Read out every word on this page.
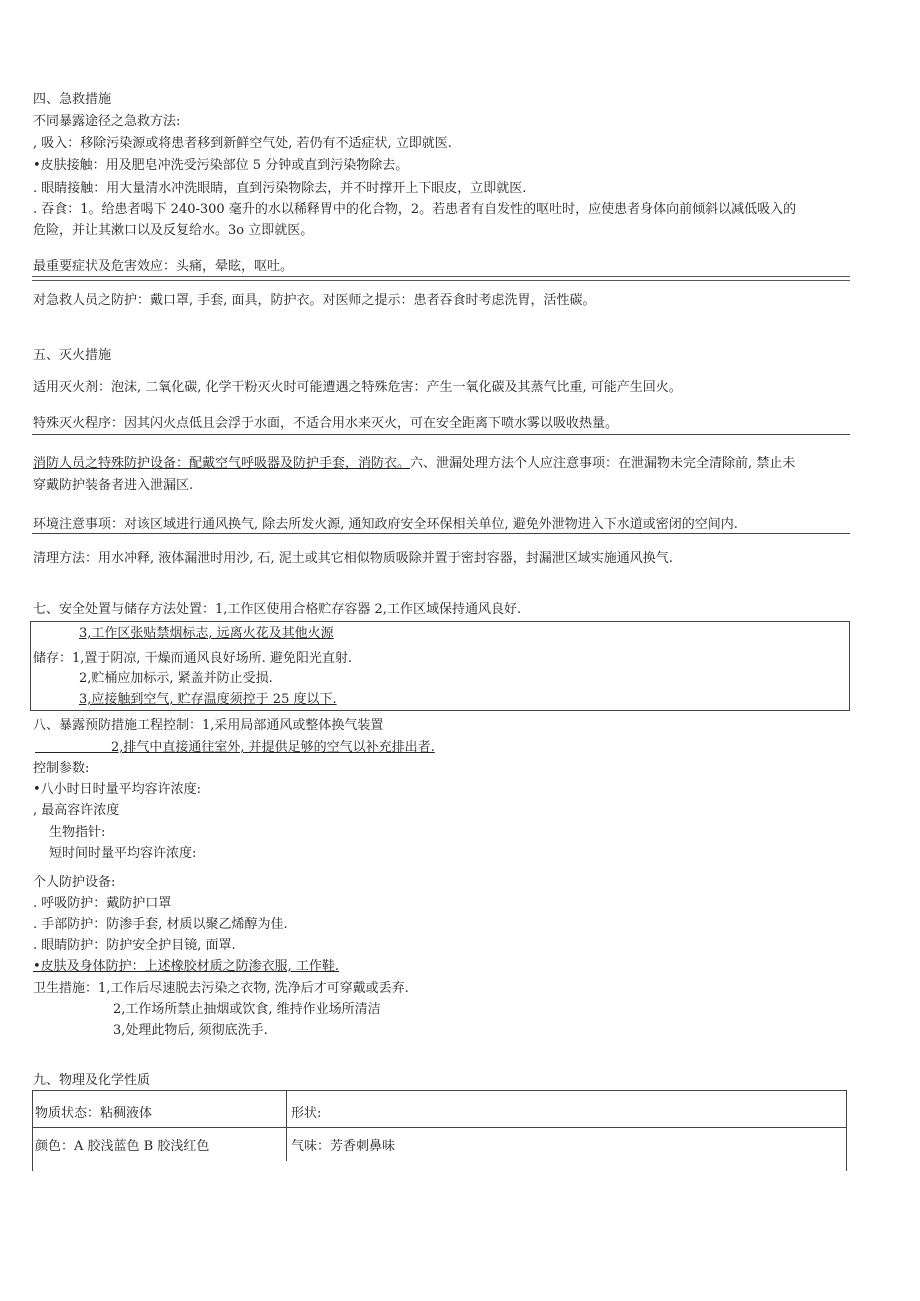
四、急救措施
不同暴露途径之急救方法:
, 吸入：移除污染源或将患者移到新鲜空气处, 若仍有不适症状, 立即就医.
•皮肤接触：用及肥皂冲洗受污染部位 5 分钟或直到污染物除去。
. 眼睛接触：用大量清水冲洗眼睛，直到污染物除去，并不时撑开上下眼皮，立即就医.
. 吞食：1。给患者喝下 240-300 毫升的水以稀释胃中的化合物，2。若患者有自发性的呕吐时，应使患者身体向前倾斜以减低吸入的
危险，并让其漱口以及反复给水。3o 立即就医。
最重要症状及危害效应：头痛，晕眩，呕吐。
对急救人员之防护：戴口罩, 手套, 面具，防护衣。对医师之提示：患者吞食时考虑洗胃，活性碳。
五、灭火措施
适用灭火剂：泡沫, 二氧化碳, 化学干粉灭火时可能遭遇之特殊危害：产生一氧化碳及其蒸气比重, 可能产生回火。
特殊灭火程序：因其闪火点低且会浮于水面，不适合用水来灭火，可在安全距离下喷水雾以吸收热量。
消防人员之特殊防护设备：配戴空气呼吸器及防护手套，消防衣。六、泄漏处理方法个人应注意事项：在泄漏物未完全清除前, 禁止未
穿戴防护装备者进入泄漏区.
环境注意事项：对该区域进行通风换气, 除去所发火源, 通知政府安全环保相关单位, 避免外泄物进入下水道或密闭的空间内.
清理方法：用水冲释, 液体漏泄时用沙, 石, 泥土或其它相似物质吸除并置于密封容器，封漏泄区域实施通风换气.
七、安全处置与储存方法处置：1,工作区使用合格贮存容器 2,工作区域保持通风良好.
3,工作区张贴禁烟标志, 远离火花及其他火源
储存：1,置于阴凉, 干燥而通风良好场所. 避免阳光直射.
2,贮桶应加标示, 紧盖并防止受损.
3,应接触到空气, 贮存温度须控于 25 度以下.
八、暴露预防措施工程控制：1,采用局部通风或整体换气装置
2,排气中直接通往室外, 并提供足够的空气以补充排出者.
控制参数:
•八小时日时量平均容许浓度:
, 最高容许浓度
生物指针:
短时间时量平均容许浓度:
个人防护设备:
. 呼吸防护：戴防护口罩
. 手部防护：防渗手套, 材质以聚乙烯醇为佳.
. 眼睛防护：防护安全护目镜, 面罩.
•皮肤及身体防护：上述橡胶材质之防渗衣服, 工作鞋.
卫生措施：1,工作后尽速脱去污染之衣物, 洗净后才可穿戴或丢弃.
2,工作场所禁止抽烟或饮食, 维持作业场所清洁
3,处理此物后, 须彻底洗手.
九、物理及化学性质
物质状态：粘稠液体	形状:
颜色：A 胶浅蓝色 B 胶浅红色	气味：芳香刺鼻味
